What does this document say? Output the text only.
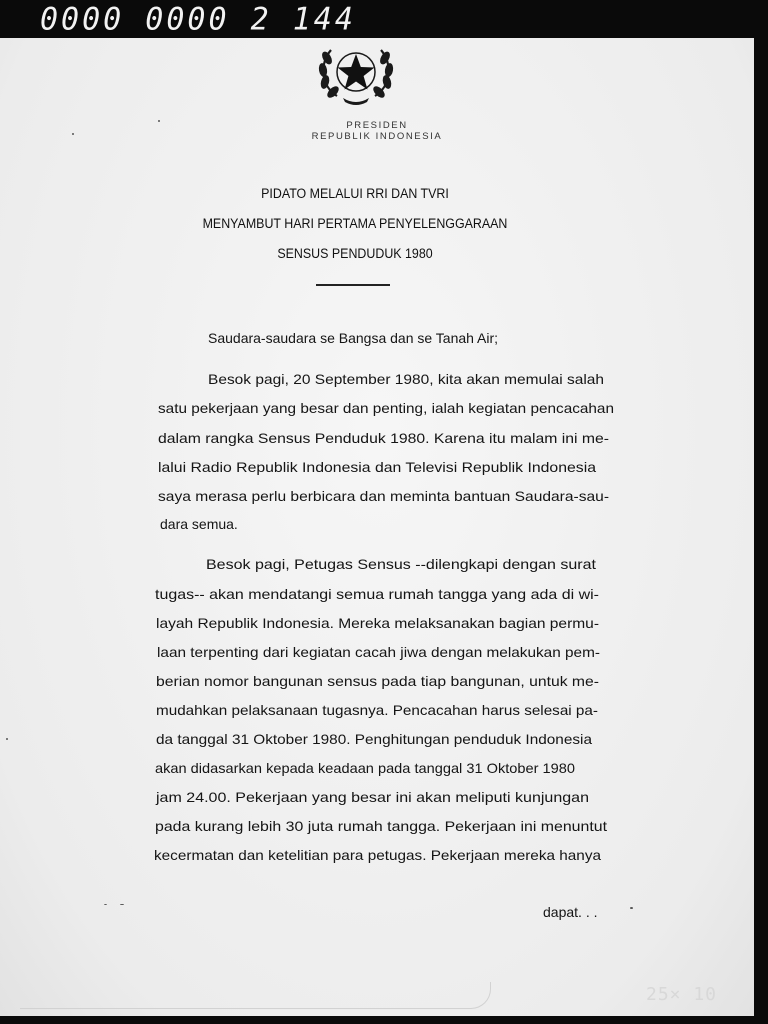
0000 0000 2 144
PRESIDEN
REPUBLIK INDONESIA
PIDATO MELALUI RRI DAN TVRI
MENYAMBUT HARI PERTAMA PENYELENGGARAAN
SENSUS PENDUDUK 1980
dapat. . .
25× 10
Saudara-saudara se Bangsa dan se Tanah Air;
Besok pagi, 20 September 1980, kita akan memulai salah
satu pekerjaan yang besar dan penting, ialah kegiatan pencacahan
dalam rangka Sensus Penduduk 1980. Karena itu malam ini me-
lalui Radio Republik Indonesia dan Televisi Republik Indonesia
saya merasa perlu berbicara dan meminta bantuan Saudara-sau-
dara semua.
Besok pagi, Petugas Sensus --dilengkapi dengan surat
tugas-- akan mendatangi semua rumah tangga yang ada di wi-
layah Republik Indonesia. Mereka melaksanakan bagian permu-
laan terpenting dari kegiatan cacah jiwa dengan melakukan pem-
berian nomor bangunan sensus pada tiap bangunan, untuk me-
mudahkan pelaksanaan tugasnya. Pencacahan harus selesai pa-
da tanggal 31 Oktober 1980. Penghitungan penduduk Indonesia
akan didasarkan kepada keadaan pada tanggal 31 Oktober 1980
jam 24.00. Pekerjaan yang besar ini akan meliputi kunjungan
pada kurang lebih 30 juta rumah tangga. Pekerjaan ini menuntut
kecermatan dan ketelitian para petugas. Pekerjaan mereka hanya
